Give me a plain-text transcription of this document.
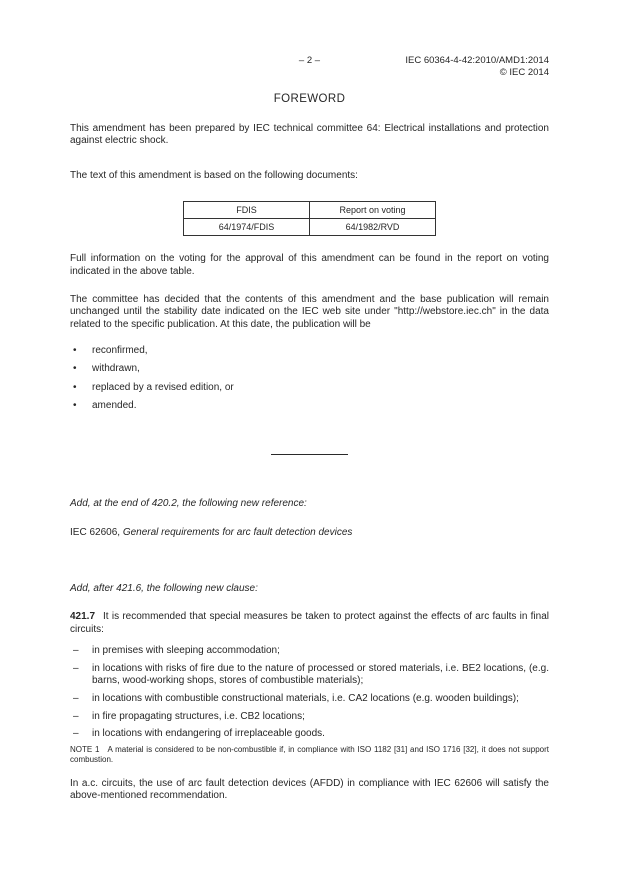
– 2 –	IEC 60364-4-42:2010/AMD1:2014
© IEC 2014
FOREWORD

This amendment has been prepared by IEC technical committee 64: Electrical installations and protection against electric shock.

The text of this amendment is based on the following documents:

FDIS	Report on voting
64/1974/FDIS	64/1982/RVD

Full information on the voting for the approval of this amendment can be found in the report on voting indicated in the above table.

The committee has decided that the contents of this amendment and the base publication will remain unchanged until the stability date indicated on the IEC web site under "http://webstore.iec.ch" in the data related to the specific publication. At this date, the publication will be

•	reconfirmed,
•	withdrawn,
•	replaced by a revised edition, or
•	amended.

Add, at the end of 420.2, the following new reference:

IEC 62606, General requirements for arc fault detection devices

Add, after 421.6, the following new clause:

421.7 It is recommended that special measures be taken to protect against the effects of arc faults in final circuits:

–	in premises with sleeping accommodation;
–	in locations with risks of fire due to the nature of processed or stored materials, i.e. BE2 locations, (e.g. barns, wood-working shops, stores of combustible materials);
–	in locations with combustible constructional materials, i.e. CA2 locations (e.g. wooden buildings);
–	in fire propagating structures, i.e. CB2 locations;
–	in locations with endangering of irreplaceable goods.

NOTE 1 A material is considered to be non-combustible if, in compliance with ISO 1182 [31] and ISO 1716 [32], it does not support combustion.

In a.c. circuits, the use of arc fault detection devices (AFDD) in compliance with IEC 62606 will satisfy the above-mentioned recommendation.
